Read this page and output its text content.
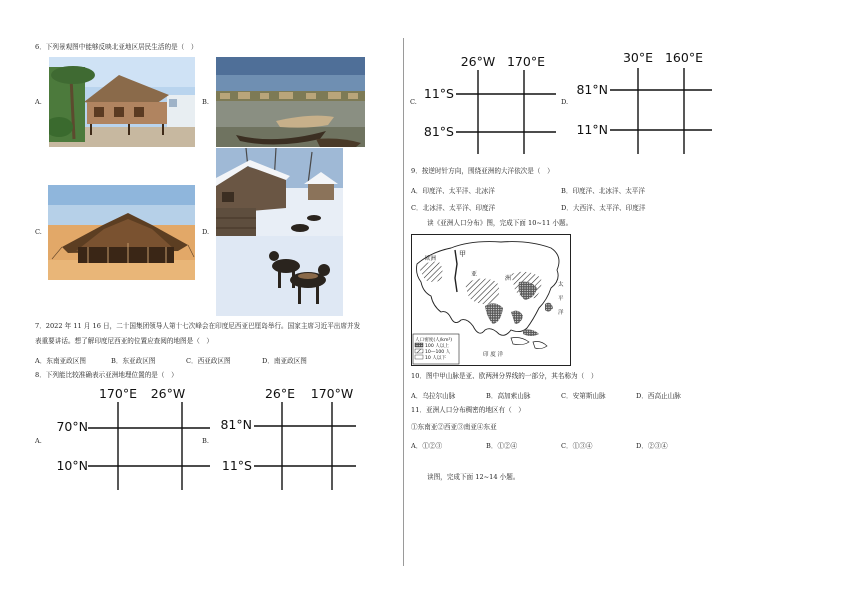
6．下列景观图中能够反映北亚地区居民生活的是（　）
A.	B.
C.	D.
7．2022 年 11 月 16 日，二十国集团领导人第十七次峰会在印度尼西亚巴厘岛举行。国家主席习近平出席并发
表重要讲话。想了解印度尼西亚的位置应查阅的地图是（　）
A．东南亚政区图	B．东亚政区图	C．西亚政区图	D．南亚政区图
8．下列能比较准确表示亚洲地理位置的是（　）
A.
170°E 26°W
70°N
10°N
B.
26°E 170°W
81°N
11°S
C.
26°W 170°E
11°S
81°S
D.
30°E 160°E
81°N
11°N
9．按逆时针方向，围绕亚洲的大洋依次是（　）
A．印度洋、太平洋、北冰洋	B．印度洋、北冰洋、太平洋
C．北冰洋、太平洋、印度洋	D．大西洋、太平洋、印度洋
读《亚洲人口分布》图，完成下面 10~11 小题。
甲
欧洲
亚
洲
太
平
洋
印 度 洋
人口密度(人/km²)
100 人以上
10—100 人
10 人以下
10．图中甲山脉是亚、欧两洲分界线的一部分，其名称为（　）
A．乌拉尔山脉	B．高加索山脉	C．安第斯山脉	D．西高止山脉
11．亚洲人口分布稠密的地区有（　）
①东南亚②西亚③南亚④东亚
A．①②③	B．①②④	C．①③④	D．②③④
读图，完成下面 12~14 小题。
